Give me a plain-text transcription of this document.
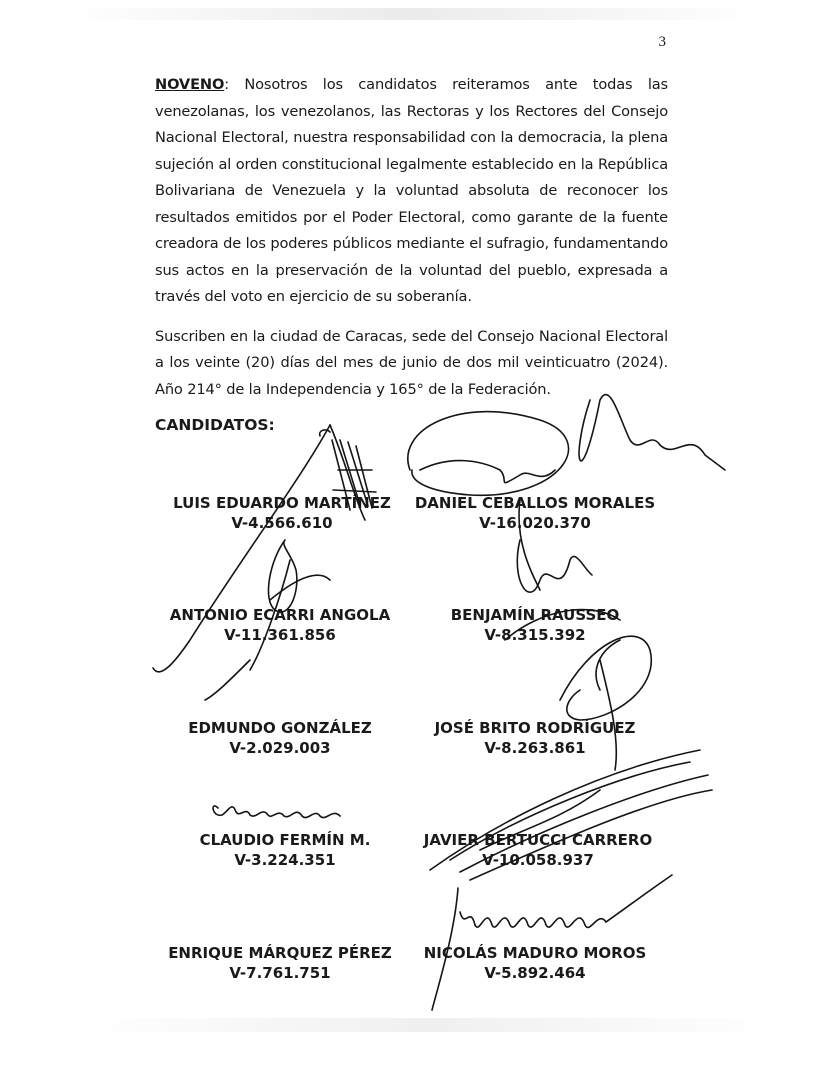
3

NOVENO: Nosotros los candidatos reiteramos ante todas las venezolanas, los venezolanos, las Rectoras y los Rectores del Consejo Nacional Electoral, nuestra responsabilidad con la democracia, la plena sujeción al orden constitucional legalmente establecido en la República Bolivariana de Venezuela y la voluntad absoluta de reconocer los resultados emitidos por el Poder Electoral, como garante de la fuente creadora de los poderes públicos mediante el sufragio, fundamentando sus actos en la preservación de la voluntad del pueblo, expresada a través del voto en ejercicio de su soberanía.

Suscriben en la ciudad de Caracas, sede del Consejo Nacional Electoral a los veinte (20) días del mes de junio de dos mil veinticuatro (2024). Año 214° de la Independencia y 165° de la Federación.

CANDIDATOS:
LUIS EDUARDO MARTÍNEZ
V-4.566.610
DANIEL CEBALLOS MORALES
V-16.020.370
ANTONIO ECARRI ANGOLA
V-11.361.856
BENJAMÍN RAUSSEO
V-8.315.392
EDMUNDO GONZÁLEZ
V-2.029.003
JOSÉ BRITO RODRÍGUEZ
V-8.263.861
CLAUDIO FERMÍN M.
V-3.224.351
JAVIER BERTUCCI CARRERO
V-10.058.937
ENRIQUE MÁRQUEZ PÉREZ
V-7.761.751
NICOLÁS MADURO MOROS
V-5.892.464
